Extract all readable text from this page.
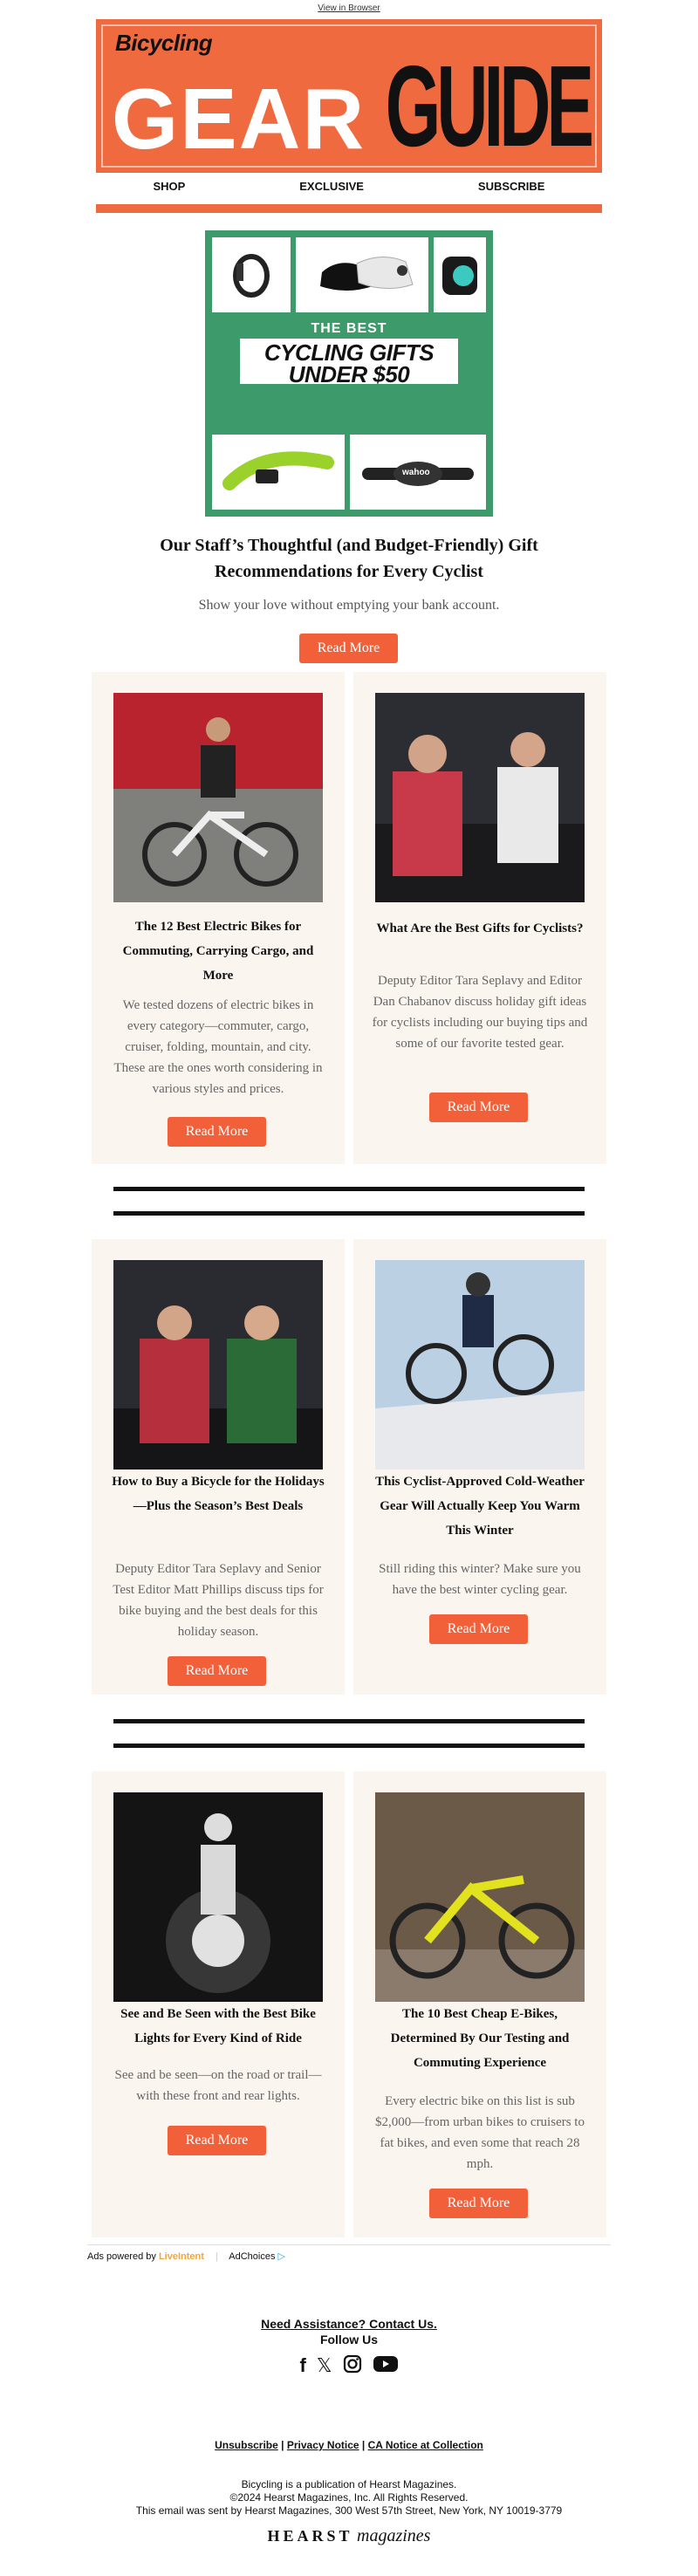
View in Browser
Bicycling
GEAR GUIDE
SHOP	EXCLUSIVE	SUBSCRIBE
THE BEST
CYCLING GIFTS
UNDER $50
wahoo
Our Staff’s Thoughtful (and Budget-Friendly) Gift Recommendations for Every Cyclist
Show your love without emptying your bank account.
Read More
The 12 Best Electric Bikes for Commuting, Carrying Cargo, and More
We tested dozens of electric bikes in every category—commuter, cargo, cruiser, folding, mountain, and city. These are the ones worth considering in various styles and prices.
Read More
What Are the Best Gifts for Cyclists?
Deputy Editor Tara Seplavy and Editor Dan Chabanov discuss holiday gift ideas for cyclists including our buying tips and some of our favorite tested gear.
Read More
How to Buy a Bicycle for the Holidays—Plus the Season’s Best Deals
Deputy Editor Tara Seplavy and Senior Test Editor Matt Phillips discuss tips for bike buying and the best deals for this holiday season.
Read More
This Cyclist-Approved Cold-Weather Gear Will Actually Keep You Warm This Winter
Still riding this winter? Make sure you have the best winter cycling gear.
Read More
See and Be Seen with the Best Bike Lights for Every Kind of Ride
See and be seen—on the road or trail—with these front and rear lights.
Read More
The 10 Best Cheap E-Bikes, Determined By Our Testing and Commuting Experience
Every electric bike on this list is sub $2,000—from urban bikes to cruisers to fat bikes, and even some that reach 28 mph.
Read More
Ads powered by LiveIntent | AdChoices ▷
Need Assistance? Contact Us.
Follow Us
f 𝕏
Unsubscribe | Privacy Notice | CA Notice at Collection
Bicycling is a publication of Hearst Magazines.
©2024 Hearst Magazines, Inc. All Rights Reserved.
This email was sent by Hearst Magazines, 300 West 57th Street, New York, NY 10019-3779
HEARST magazines
